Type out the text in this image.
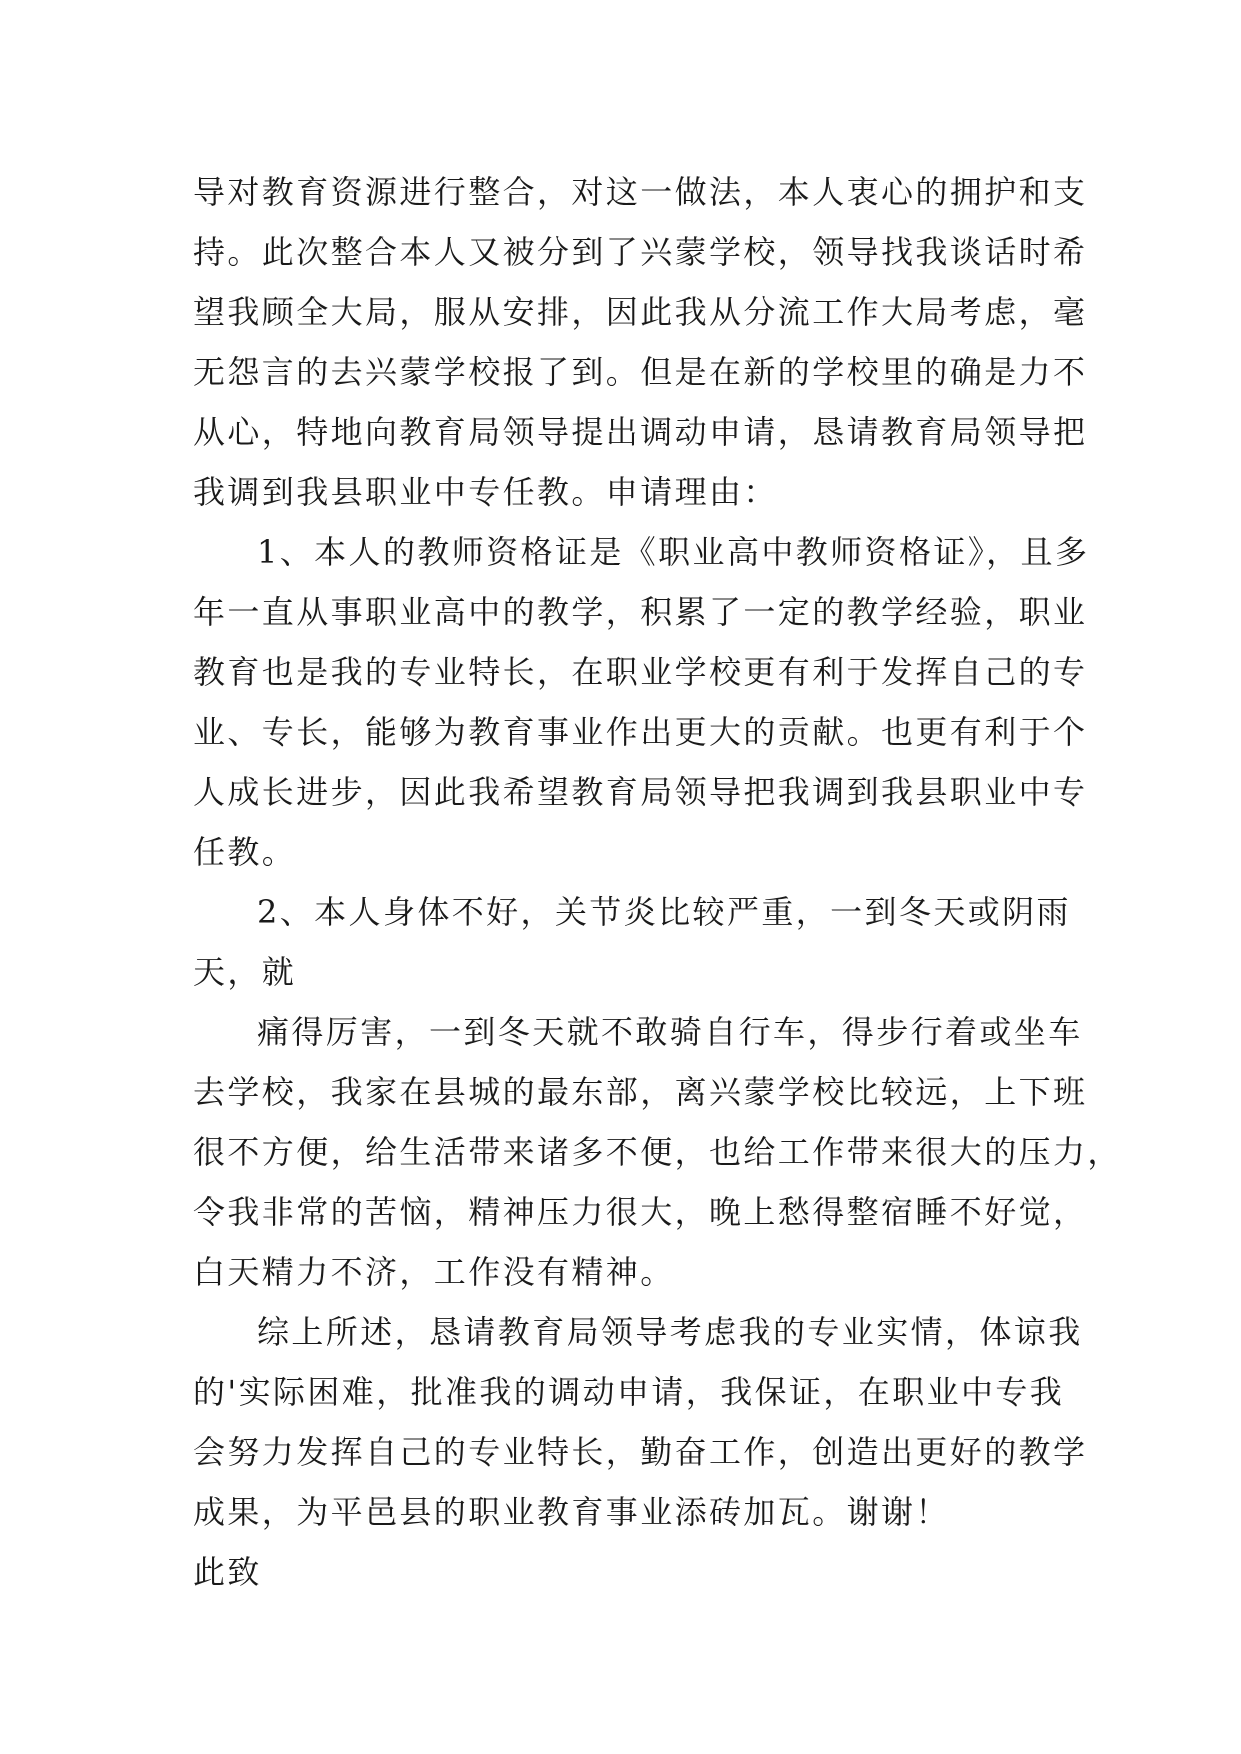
导对教育资源进行整合，对这一做法，本人衷心的拥护和支
持。此次整合本人又被分到了兴蒙学校，领导找我谈话时希
望我顾全大局，服从安排，因此我从分流工作大局考虑，毫
无怨言的去兴蒙学校报了到。但是在新的学校里的确是力不
从心，特地向教育局领导提出调动申请，恳请教育局领导把
我调到我县职业中专任教。申请理由：
1、本人的教师资格证是《职业高中教师资格证》，且多
年一直从事职业高中的教学，积累了一定的教学经验，职业
教育也是我的专业特长，在职业学校更有利于发挥自己的专
业、专长，能够为教育事业作出更大的贡献。也更有利于个
人成长进步，因此我希望教育局领导把我调到我县职业中专
任教。
2、本人身体不好，关节炎比较严重，一到冬天或阴雨
天，就
痛得厉害，一到冬天就不敢骑自行车，得步行着或坐车
去学校，我家在县城的最东部，离兴蒙学校比较远，上下班
很不方便，给生活带来诸多不便，也给工作带来很大的压力，
令我非常的苦恼，精神压力很大，晚上愁得整宿睡不好觉，
白天精力不济，工作没有精神。
综上所述，恳请教育局领导考虑我的专业实情，体谅我
的'实际困难，批准我的调动申请，我保证，在职业中专我
会努力发挥自己的专业特长，勤奋工作，创造出更好的教学
成果，为平邑县的职业教育事业添砖加瓦。谢谢！
此致
